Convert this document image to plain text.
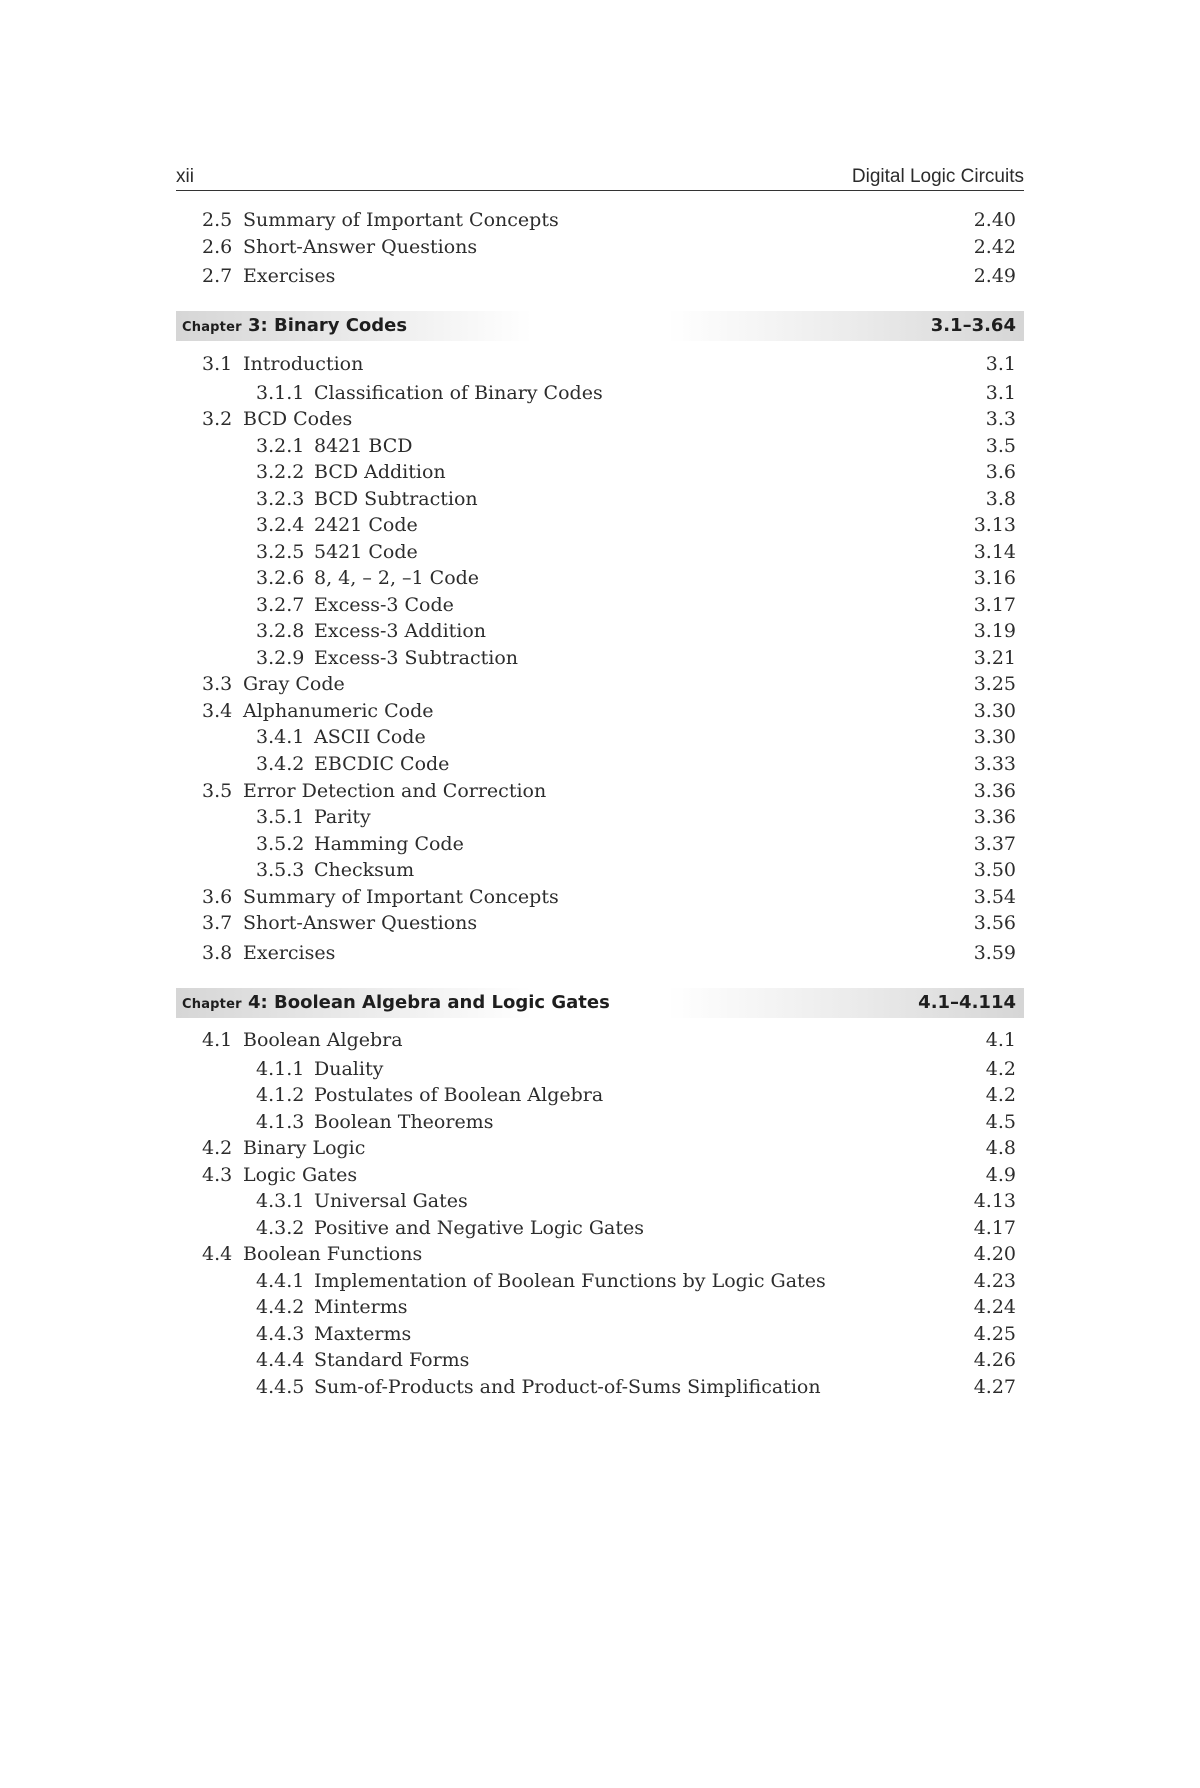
xii	Digital Logic Circuits
2.5 Summary of Important Concepts	2.40
2.6 Short-Answer Questions	2.42
2.7 Exercises	2.49
Chapter 3: Binary Codes	3.1–3.64
3.1 Introduction	3.1
3.1.1 Classification of Binary Codes	3.1
3.2 BCD Codes	3.3
3.2.1 8421 BCD	3.5
3.2.2 BCD Addition	3.6
3.2.3 BCD Subtraction	3.8
3.2.4 2421 Code	3.13
3.2.5 5421 Code	3.14
3.2.6 8, 4, – 2, –1 Code	3.16
3.2.7 Excess-3 Code	3.17
3.2.8 Excess-3 Addition	3.19
3.2.9 Excess-3 Subtraction	3.21
3.3 Gray Code	3.25
3.4 Alphanumeric Code	3.30
3.4.1 ASCII Code	3.30
3.4.2 EBCDIC Code	3.33
3.5 Error Detection and Correction	3.36
3.5.1 Parity	3.36
3.5.2 Hamming Code	3.37
3.5.3 Checksum	3.50
3.6 Summary of Important Concepts	3.54
3.7 Short-Answer Questions	3.56
3.8 Exercises	3.59
Chapter 4: Boolean Algebra and Logic Gates	4.1–4.114
4.1 Boolean Algebra	4.1
4.1.1 Duality	4.2
4.1.2 Postulates of Boolean Algebra	4.2
4.1.3 Boolean Theorems	4.5
4.2 Binary Logic	4.8
4.3 Logic Gates	4.9
4.3.1 Universal Gates	4.13
4.3.2 Positive and Negative Logic Gates	4.17
4.4 Boolean Functions	4.20
4.4.1 Implementation of Boolean Functions by Logic Gates	4.23
4.4.2 Minterms	4.24
4.4.3 Maxterms	4.25
4.4.4 Standard Forms	4.26
4.4.5 Sum-of-Products and Product-of-Sums Simplification	4.27
